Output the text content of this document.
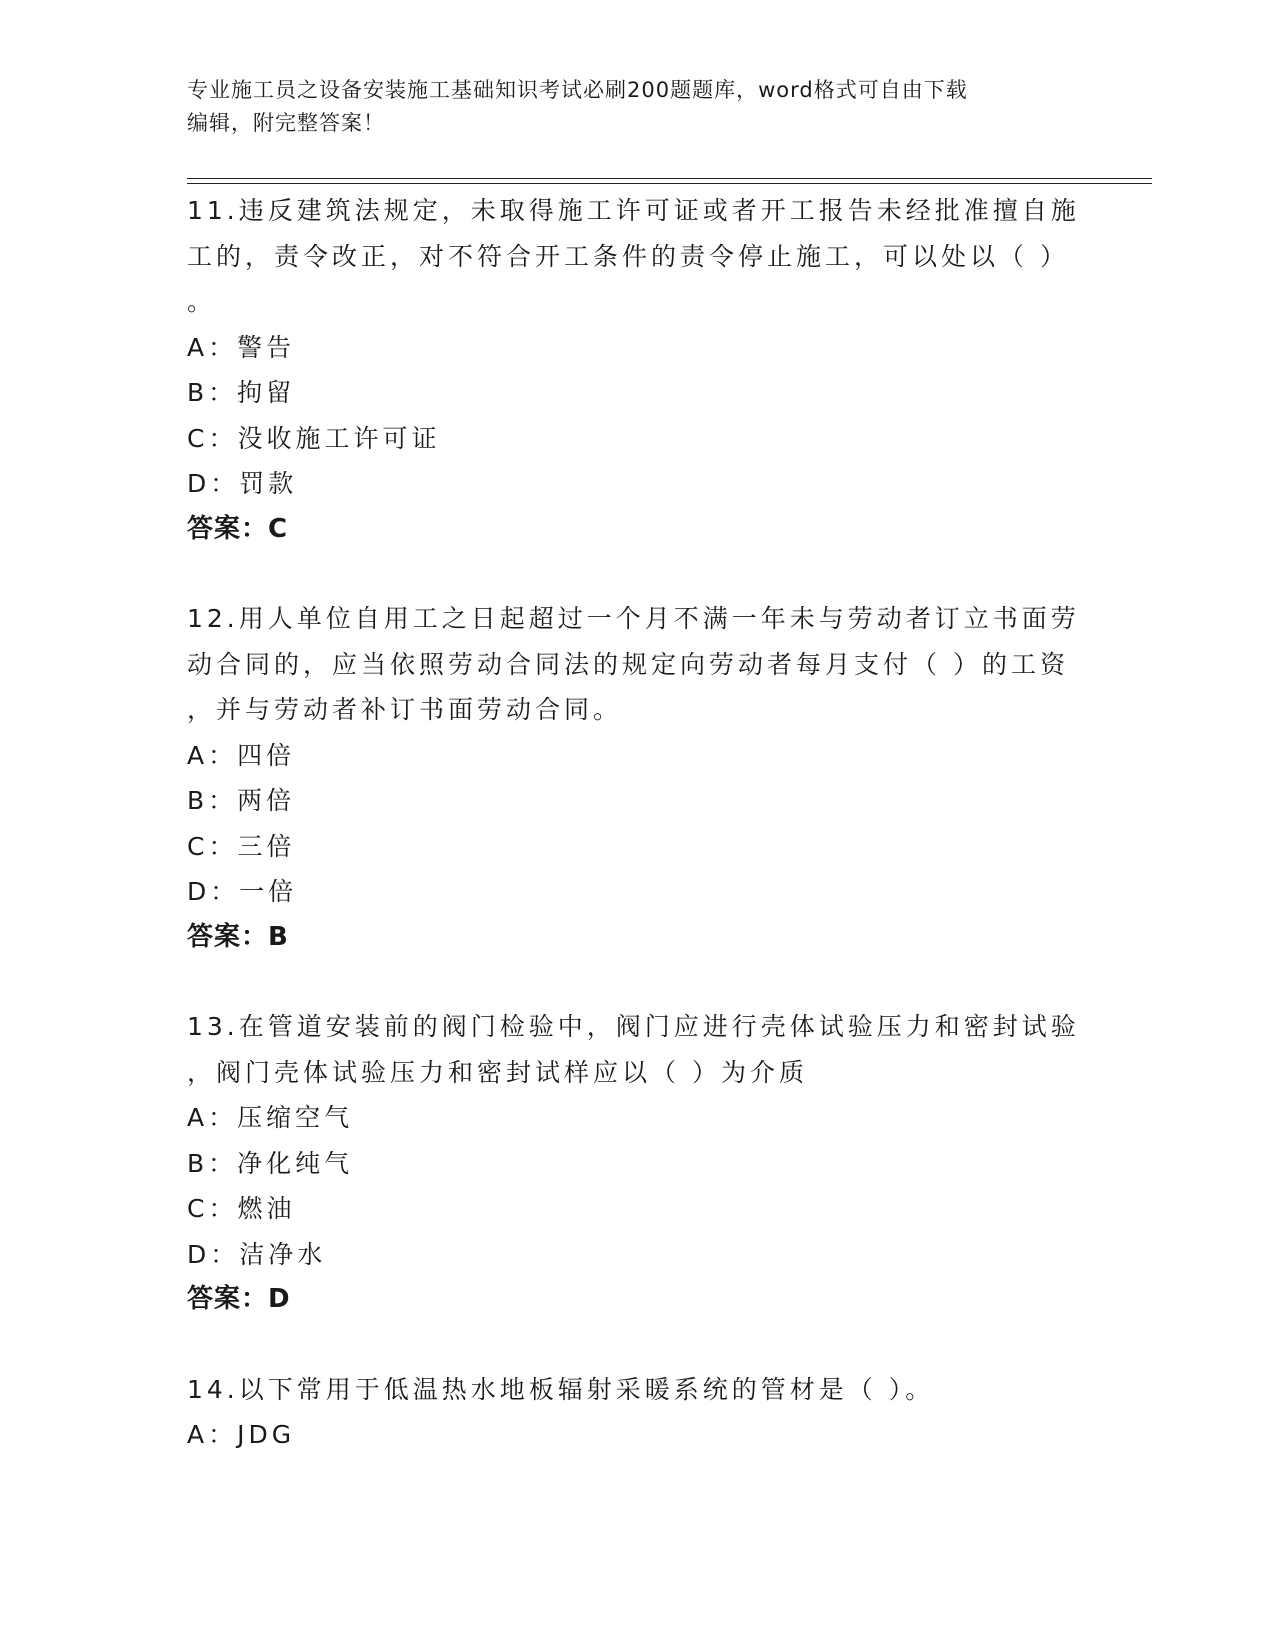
专业施工员之设备安装施工基础知识考试必刷200题题库，word格式可自由下载
编辑，附完整答案！
11.违反建筑法规定，未取得施工许可证或者开工报告未经批准擅自施
工的，责令改正，对不符合开工条件的责令停止施工，可以处以（ ）
。
A：警告
B：拘留
C：没收施工许可证
D：罚款
答案：C
12.用人单位自用工之日起超过一个月不满一年未与劳动者订立书面劳
动合同的，应当依照劳动合同法的规定向劳动者每月支付（ ）的工资
，并与劳动者补订书面劳动合同。
A：四倍
B：两倍
C：三倍
D：一倍
答案：B
13.在管道安装前的阀门检验中，阀门应进行壳体试验压力和密封试验
，阀门壳体试验压力和密封试样应以（ ）为介质
A：压缩空气
B：净化纯气
C：燃油
D：洁净水
答案：D
14.以下常用于低温热水地板辐射采暖系统的管材是（ ）。
A：JDG
